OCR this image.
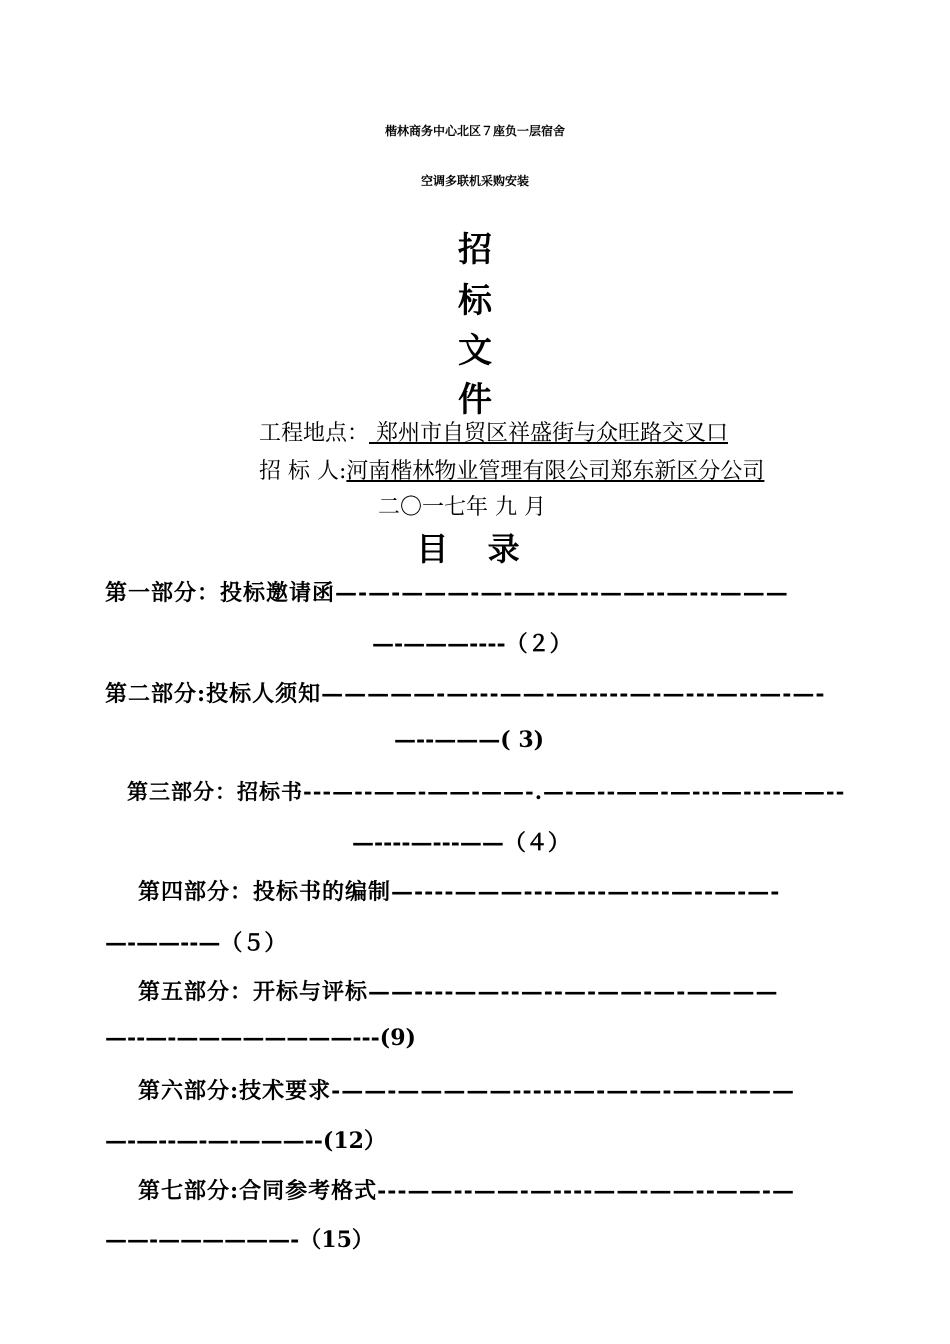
楷林商务中心北区７座负一层宿舍
空调多联机采购安装
招
标
文
件
工程地点： 郑州市自贸区祥盛街与众旺路交叉口
招 标 人:河南楷林物业管理有限公司郑东新区分公司
二〇一七年 九 月
目 录
第一部分：投标邀请函—-—-———-—-—--—--——--—---———
—-———----（２）
第二部分:投标人须知—————-—---——-—-----—-—---—--—-—-
—--———( 3)
第三部分：招标书---—--——-——-——-.—-—--——-—---—----——--
—----—---——（４）
第四部分：投标书的编制—----———---—---—----—--—-—-
—-——--—（５）
第五部分：开标与评标——----——--—--—-——-—-————
—--—-————————---(9)
第六部分:技术要求-——-—————------—-—-—-——---——
—-—--—-—-———--(12）
第七部分:合同参考格式---——--——-—----——-——--——-—
——-——————-（15）
